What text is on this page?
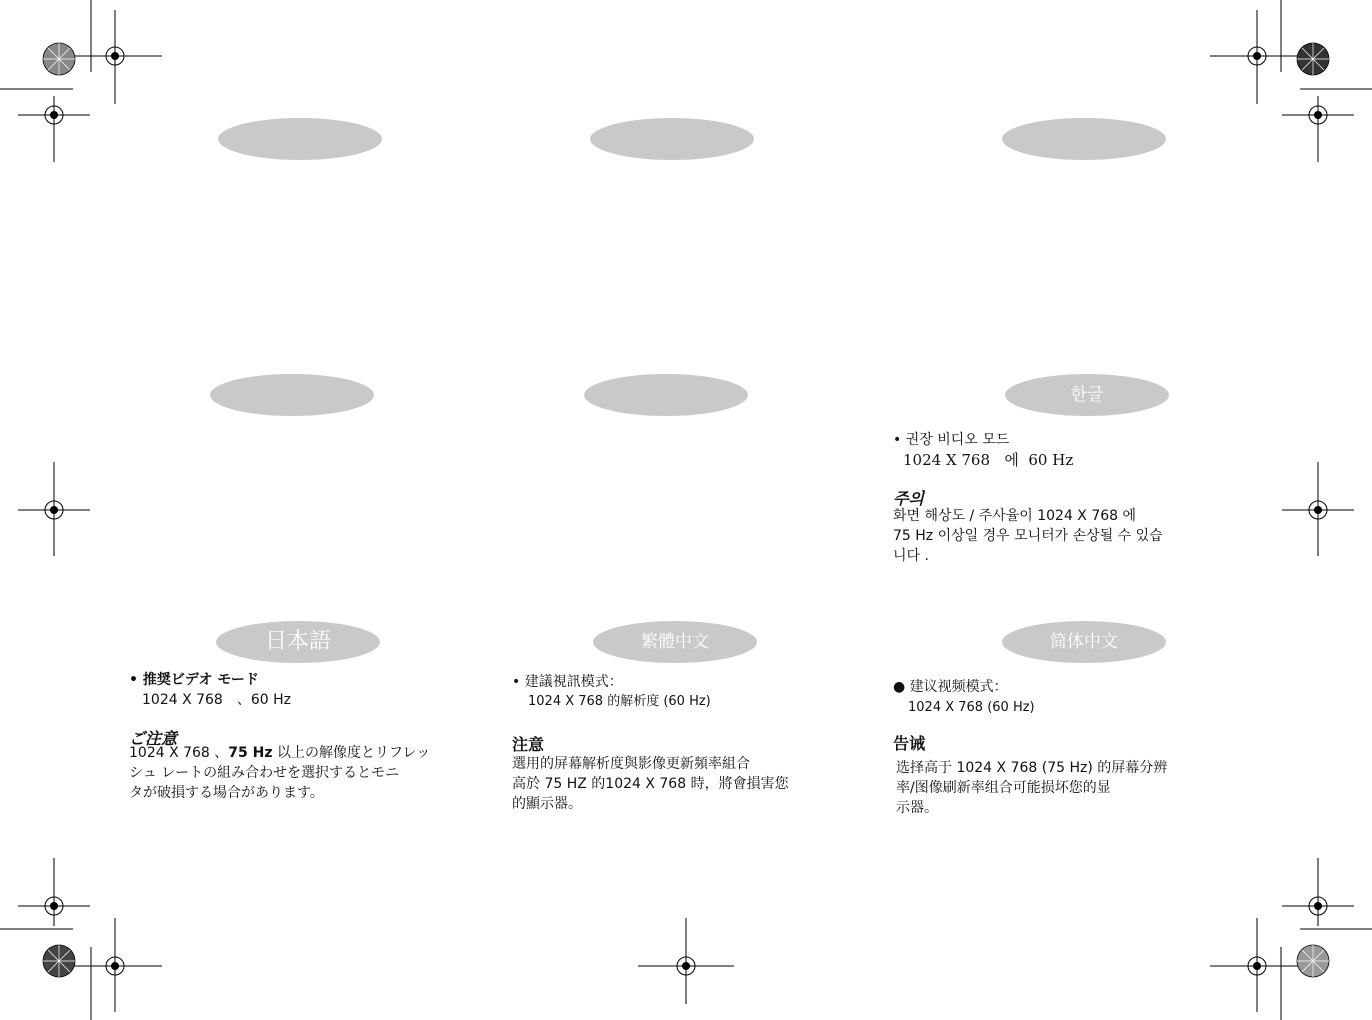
한글
• 권장 비디오 모드
1024 X 768 에 60 Hz
주의
화면 해상도 / 주사율이 1024 X 768 에
75 Hz 이상일 경우 모니터가 손상될 수 있습
니다 .
日本語
• 推奨ビデオ モード
1024 X 768　、60 Hz
ご注意
1024 X 768 、75 Hz 以上の解像度とリフレッ
シュ レートの組み合わせを選択するとモニ
タが破損する場合があります。
繁體中文
• 建議視訊模式：
1024 X 768 的解析度 (60 Hz)
注意
選用的屏幕解析度與影像更新頻率組合
高於 75 HZ 的1024 X 768 時，將會損害您
的顯示器。
简体中文
● 建议视频模式：
1024 X 768 (60 Hz)
告诫
选择高于 1024 X 768 (75 Hz) 的屏幕分辨
率/图像刷新率组合可能损坏您的显
示器。
